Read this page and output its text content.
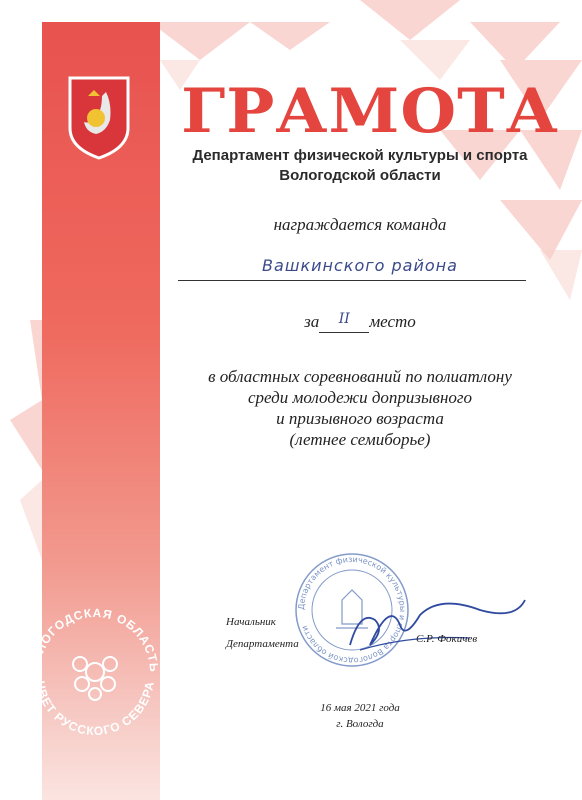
ГРАМОТА
Департамент физической культуры и спорта
Вологодской области
награждается команда
Вашкинского района
за $^{II}$ место
в областных соревнований по полиатлону
среди молодежи допризывного
и призывного возраста
(летнее семиборье)
Департамент физической культуры и спорта Вологодской области
Начальник
Департамента	С.Р. Фокичев
ВОЛОГОДСКАЯ ОБЛАСТЬ
ЦВЕТ РУССКОГО СЕВЕРА
16 мая 2021 года
г. Вологда
